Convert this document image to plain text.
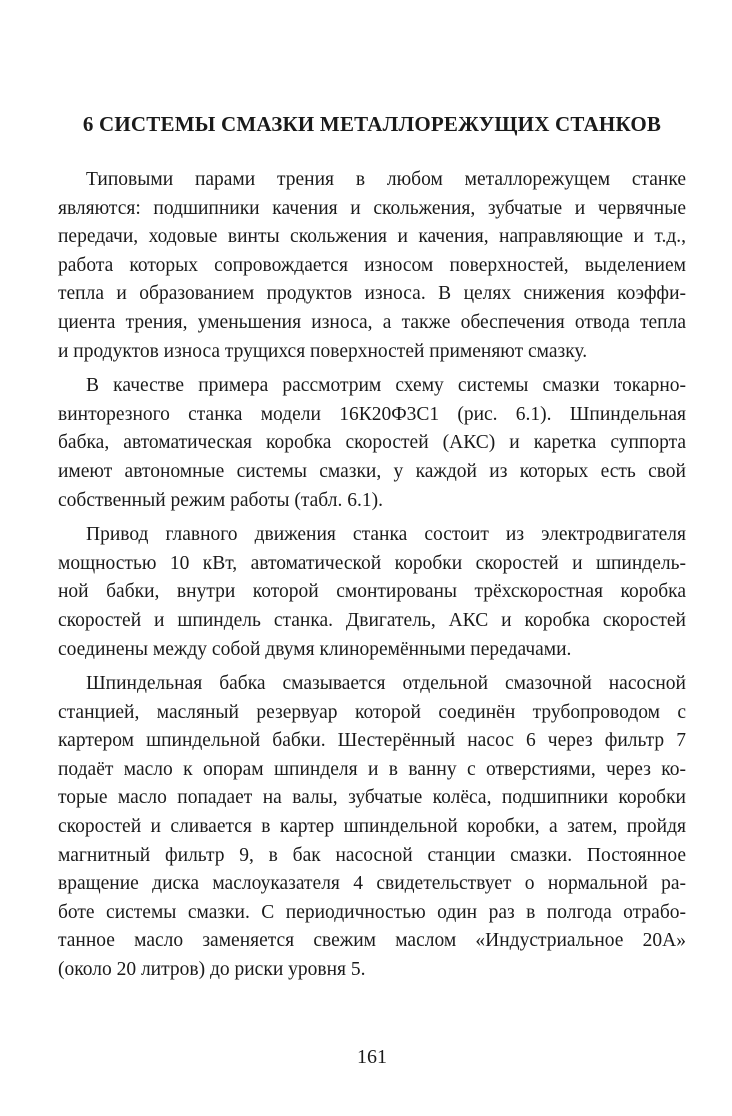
6 СИСТЕМЫ СМАЗКИ МЕТАЛЛОРЕЖУЩИХ СТАНКОВ

Типовыми парами трения в любом металлорежущем станке
являются: подшипники качения и скольжения, зубчатые и червячные
передачи, ходовые винты скольжения и качения, направляющие и т.д.,
работа которых сопровождается износом поверхностей, выделением
тепла и образованием продуктов износа. В целях снижения коэффи-
циента трения, уменьшения износа, а также обеспечения отвода тепла
и продуктов износа трущихся поверхностей применяют смазку.

В качестве примера рассмотрим схему системы смазки токарно-
винторезного станка модели 16К20Ф3С1 (рис. 6.1). Шпиндельная
бабка, автоматическая коробка скоростей (АКС) и каретка суппорта
имеют автономные системы смазки, у каждой из которых есть свой
собственный режим работы (табл. 6.1).

Привод главного движения станка состоит из электродвигателя
мощностью 10 кВт, автоматической коробки скоростей и шпиндель-
ной бабки, внутри которой смонтированы трёхскоростная коробка
скоростей и шпиндель станка. Двигатель, АКС и коробка скоростей
соединены между собой двумя клиноремёнными передачами.

Шпиндельная бабка смазывается отдельной смазочной насосной
станцией, масляный резервуар которой соединён трубопроводом с
картером шпиндельной бабки. Шестерённый насос 6 через фильтр 7
подаёт масло к опорам шпинделя и в ванну с отверстиями, через ко-
торые масло попадает на валы, зубчатые колёса, подшипники коробки
скоростей и сливается в картер шпиндельной коробки, а затем, пройдя
магнитный фильтр 9, в бак насосной станции смазки. Постоянное
вращение диска маслоуказателя 4 свидетельствует о нормальной ра-
боте системы смазки. С периодичностью один раз в полгода отрабо-
танное масло заменяется свежим маслом «Индустриальное 20А»
(около 20 литров) до риски уровня 5.

161
